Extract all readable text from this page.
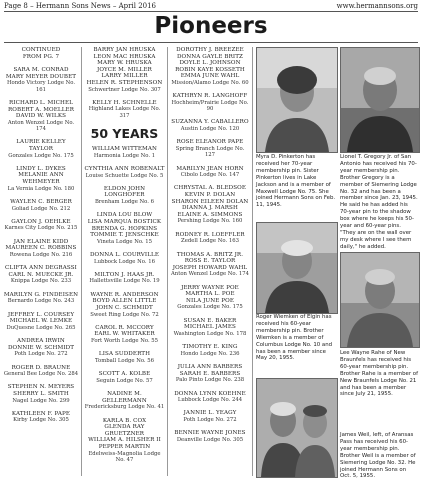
Page 8 – Hermann Sons News – April 2016	www.hermannsons.org
Pioneers
CONTINUED
FROM PG. 7
SARA M. CONRAD
MARY MEYER DOUBET
Hondo Victory Lodge No. 161
RICHARD L. MICHEL
ROBERT A. MOELLER
DAVID W. WILKS
Anton Wenzel Lodge No. 174
LAURIE KELLEY
TAYLOR
Gonzales Lodge No. 175
LINDY L. DYKES
MELANIE ANN
WEHMEYER
La Vernia Lodge No. 180
WAYLEN C. BERGER
Goliad Lodge No. 212
GAYLON J. OEHLKE
Karnes City Lodge No. 215
JAN ELAINE KIDD
MAUREEN C. ROBBINS
Rowena Lodge No. 216
CLIFTA ANN DEGRASSI
CARL N. MUECKE JR.
Knippa Lodge No. 233
MARILYN G. FINDEISEN
Bernardo Lodge No. 243
JEFFREY L. COURSEY
MICHAEL W. LEMKE
DuQuesne Lodge No. 265
ANDREA IRWIN
DONNIE W. SCHMIDT
Poth Lodge No. 272
ROGER D. BRAUNE
General Bee Lodge No. 284
STEPHEN N. MEYERS
SHERRY L. SMITH
Nagel Lodge No. 299
KATHLEEN F. PAPE
Kirby Lodge No. 305
BARRY JAN HRUSKA
LEON MAC HRUSKA
MARY W. HRUSKA
JOYCE M. MILLER
LARRY MILLER
HELEN R. STEPHENSON
Schwertner Lodge No. 307
KELLY H. SCHNELLE
Highland Lakes Lodge No. 317
50 YEARS
WILLIAM WITTEMAN
Harmonia Lodge No. 1
CYNTHIA ANN ROBENALT
Louise Schuette Lodge No. 5
ELDON JOHN
LONGHOFER
Brenham Lodge No. 6
LINDA LOU BLOW
LISA MARQUA BOSTICK
BRENDA G. HOPKINS
TOMMIE T. JENSCHKE
Vineta Lodge No. 15
DONNA L. COURVILLE
Lubbock Lodge No. 16
MILTON J. HAAS JR.
Hallettsville Lodge No. 19
WAYNE R. ANDERSON
BOYD ALLEN LITTLE
JOHN C. SCHMIDT
Sweet Ring Lodge No. 72
CAROL R. MCCORY
EARL W. WHITAKER
Fort Worth Lodge No. 55
LISA SUDDERTH
Tomball Lodge No. 56
SCOTT A. KOLBE
Seguin Lodge No. 57
NADINE M. GELLERMANN
Fredericksburg Lodge No. 41
KARLA B. COX
GLENDA RAY GRUETZNER
WILLIAM A. HILSHER II
PEPPER MARTIN
Edelweiss-Magnolia Lodge No. 47
DOROTHY J. BREEZEE
DONNA GAYLE BRITZ
DOYLE L. JOHNSON
ROBIN KAYE KOSSETH
EMMA JUNE WAHL
Mission/Alamo Lodge No. 60
KATHRYN R. LANGHOFF
Hochheim/Prairie Lodge No. 90
SUZANNA Y. CABALLERO
Austin Lodge No. 120
ROSE ELEANOR PAPE
Spring Branch Lodge No. 127
MARILYN JEAN HORN
Cibolo Lodge No. 147
CHRYSTAL A. BLEDSOE
KEVIN P. DOLAN
SHARON EILEEN DOLAN
DIANNA J. MARSH
ELAINE A. SIMMONS
Pershing Lodge No. 160
RODNEY R. LOEFFLER
Zedell Lodge No. 163
THOMAS A. BRITZ JR.
ROSS E. TAYLOR
JOSEPH HOWARD WAHL
Anton Wenzel Lodge No. 174
JERRY WAYNE POE
MARTHA L. POE
NILA JUNE POE
Gonzales Lodge No. 175
SUSAN E. BAKER
MICHAEL JAMES
Washington Lodge No. 178
TIMOTHY E. KING
Hondo Lodge No. 236
JULIA ANN BARBERS
SARAH E. BARBERS
Palo Pinto Lodge No. 238
DONNA LYNN KOEHNE
Lubbock Lodge No. 244
JANNIE L. YEAGY
Poth Lodge No. 272
BENNIE WAYNE JONES
Deanville Lodge No. 305
Myra D. Pinkerton has received her 70-year membership pin. Sister Pinkerton lives in Lake Jackson and is a member of Maxwell Lodge No. 75. She joined Hermann Sons on Feb. 11, 1945.
Lionel T. Gregory Jr. of San Antonio has received his 70-year membership pin. Brother Gregory is a member of Siemering Lodge No. 32 and has been a member since Jan. 23, 1945. He said he has added his 70-year pin to the shadow box where he keeps his 50-year and 60-year pins. "They are on the wall over my desk where I see them daily," he added.
Roger Wiemken of Elgin has received his 60-year membership pin. Brother Wiemken is a member of Columbus Lodge No. 10 and has been a member since May 20, 1955.
Lee Wayne Rahe of New Braunfels has received his 60-year membership pin. Brother Rahe is a member of New Braunfels Lodge No. 21 and has been a member since July 21, 1955.
James Weil, left, of Aransas Pass has received his 60-year membership pin. Brother Weil is a member of Siemering Lodge No. 32. He joined Hermann Sons on Oct. 5, 1955.
